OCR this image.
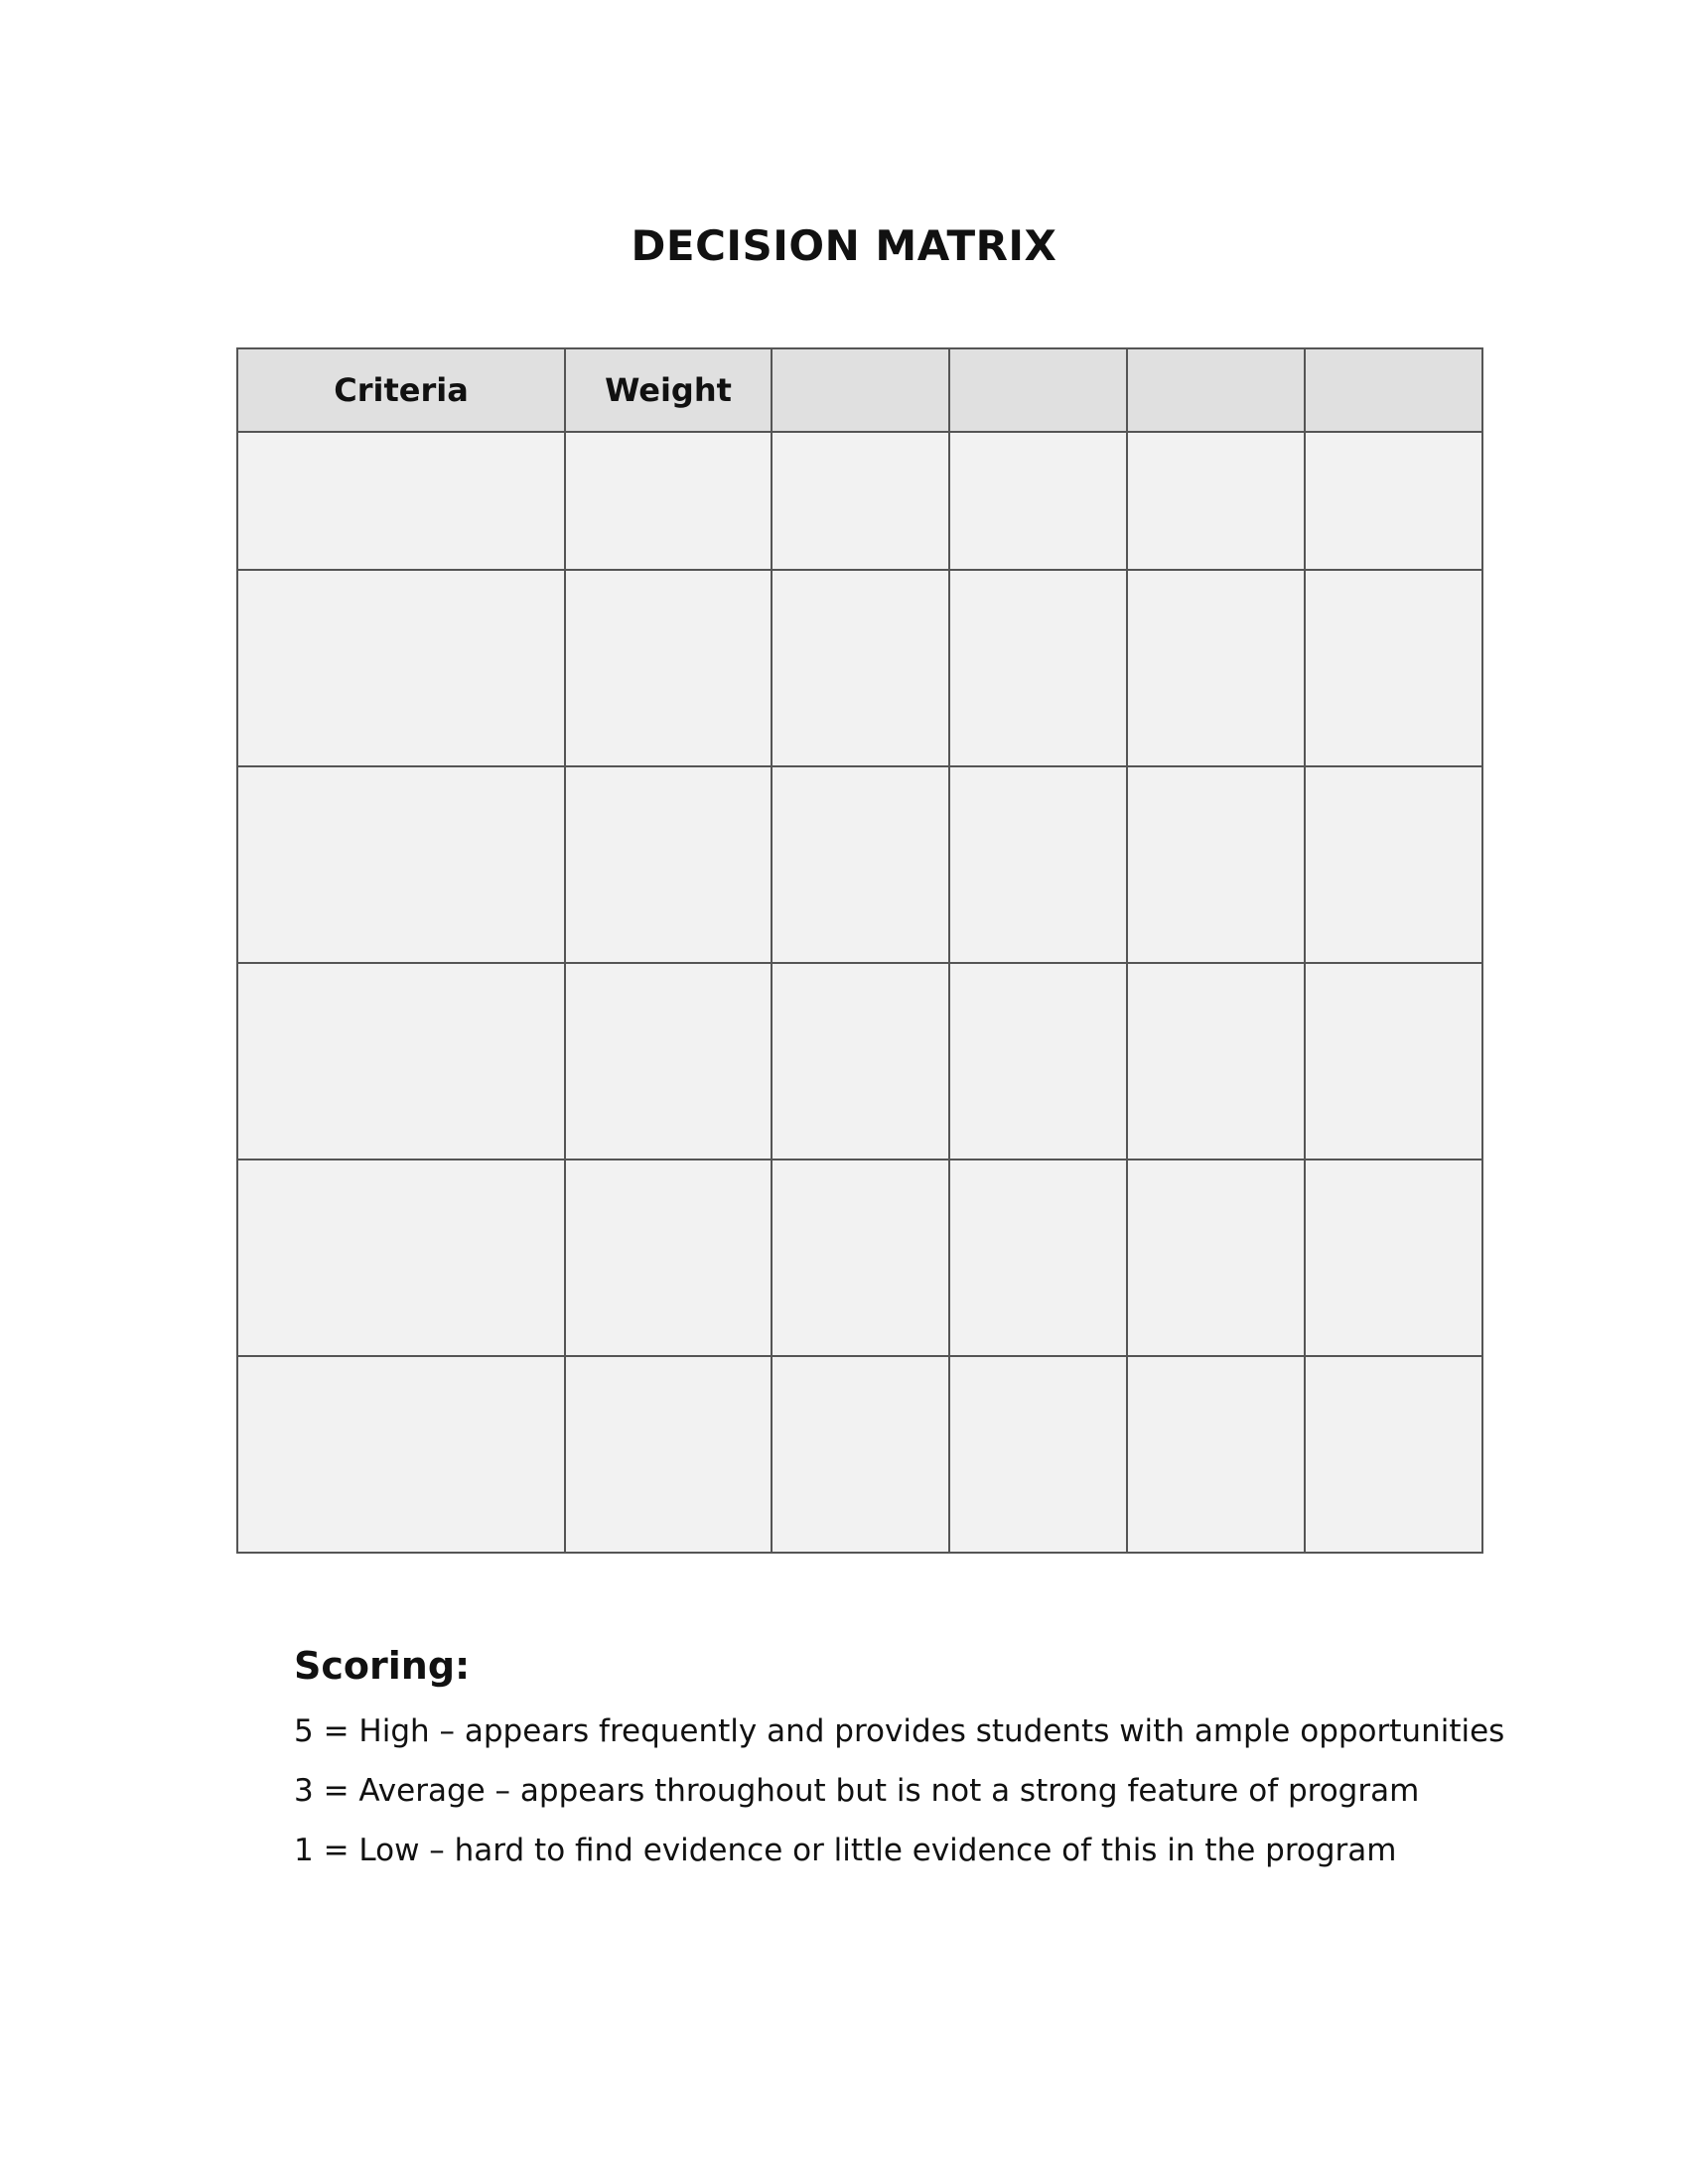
DECISION MATRIX
Criteria	Weight				

Scoring:
5 = High – appears frequently and provides students with ample opportunities
3 = Average – appears throughout but is not a strong feature of program
1 = Low – hard to find evidence or little evidence of this in the program
